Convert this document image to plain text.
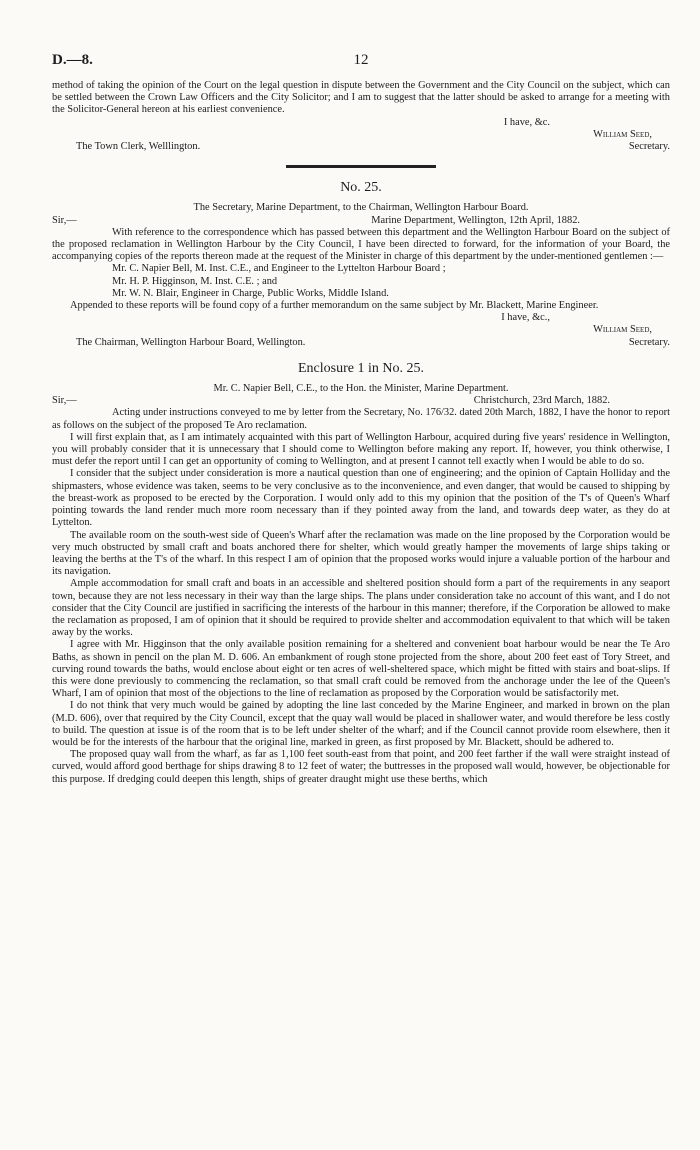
D.—8.	12

method of taking the opinion of the Court on the legal question in dispute between the Government and the City Council on the subject, which can be settled between the Crown Law Officers and the City Solicitor; and I am to suggest that the latter should be asked to arrange for a meeting with the Solicitor-General hereon at his earliest convenience.

I have, &c.

William Seed,

The Town Clerk, Welllington.	Secretary.
No. 25.

The Secretary, Marine Department, to the Chairman, Wellington Harbour Board.

Sir,—	Marine Department, Wellington, 12th April, 1882.

With reference to the correspondence which has passed between this department and the Wellington Harbour Board on the subject of the proposed reclamation in Wellington Harbour by the City Council, I have been directed to forward, for the information of your Board, the accompanying copies of the reports thereon made at the request of the Minister in charge of this department by the under-mentioned gentlemen :—

Mr. C. Napier Bell, M. Inst. C.E., and Engineer to the Lyttelton Harbour Board ;

Mr. H. P. Higginson, M. Inst. C.E. ; and

Mr. W. N. Blair, Engineer in Charge, Public Works, Middle Island.

Appended to these reports will be found copy of a further memorandum on the same subject by Mr. Blackett, Marine Engineer.

I have, &c.,

William Seed,

The Chairman, Wellington Harbour Board, Wellington.	Secretary.
Enclosure 1 in No. 25.

Mr. C. Napier Bell, C.E., to the Hon. the Minister, Marine Department.

Sir,—	Christchurch, 23rd March, 1882.

Acting under instructions conveyed to me by letter from the Secretary, No. 176/32. dated 20th March, 1882, I have the honor to report as follows on the subject of the proposed Te Aro reclamation.

I will first explain that, as I am intimately acquainted with this part of Wellington Harbour, acquired during five years' residence in Wellington, you will probably consider that it is unnecessary that I should come to Wellington before making any report. If, however, you think otherwise, I must defer the report until I can get an opportunity of coming to Wellington, and at present I cannot tell exactly when I would be able to do so.

I consider that the subject under consideration is more a nautical question than one of engineering; and the opinion of Captain Holliday and the shipmasters, whose evidence was taken, seems to be very conclusive as to the inconvenience, and even danger, that would be caused to shipping by the breast-work as proposed to be erected by the Corporation. I would only add to this my opinion that the position of the T's of Queen's Wharf pointing towards the land render much more room necessary than if they pointed away from the land, and towards deep water, as they do at Lyttelton.

The available room on the south-west side of Queen's Wharf after the reclamation was made on the line proposed by the Corporation would be very much obstructed by small craft and boats anchored there for shelter, which would greatly hamper the movements of large ships taking or leaving the berths at the T's of the wharf. In this respect I am of opinion that the proposed works would injure a valuable portion of the harbour and its navigation.

Ample accommodation for small craft and boats in an accessible and sheltered position should form a part of the requirements in any seaport town, because they are not less necessary in their way than the large ships. The plans under consideration take no account of this want, and I do not consider that the City Council are justified in sacrificing the interests of the harbour in this manner; therefore, if the Corporation be allowed to make the reclamation as proposed, I am of opinion that it should be required to provide shelter and accommodation equivalent to that which will be taken away by the works.

I agree with Mr. Higginson that the only available position remaining for a sheltered and convenient boat harbour would be near the Te Aro Baths, as shown in pencil on the plan M. D. 606. An embankment of rough stone projected from the shore, about 200 feet east of Tory Street, and curving round towards the baths, would enclose about eight or ten acres of well-sheltered space, which might be fitted with stairs and boat-slips. If this were done previously to commencing the reclamation, so that small craft could be removed from the anchorage under the lee of the Queen's Wharf, I am of opinion that most of the objections to the line of reclamation as proposed by the Corporation would be satisfactorily met.

I do not think that very much would be gained by adopting the line last conceded by the Marine Engineer, and marked in brown on the plan (M.D. 606), over that required by the City Council, except that the quay wall would be placed in shallower water, and would therefore be less costly to build. The question at issue is of the room that is to be left under shelter of the wharf; and if the Council cannot provide room elsewhere, then it would be for the interests of the harbour that the original line, marked in green, as first proposed by Mr. Blackett, should be adhered to.

The proposed quay wall from the wharf, as far as 1,100 feet south-east from that point, and 200 feet farther if the wall were straight instead of curved, would afford good berthage for ships drawing 8 to 12 feet of water; the buttresses in the proposed wall would, however, be objectionable for this purpose. If dredging could deepen this length, ships of greater draught might use these berths, which
